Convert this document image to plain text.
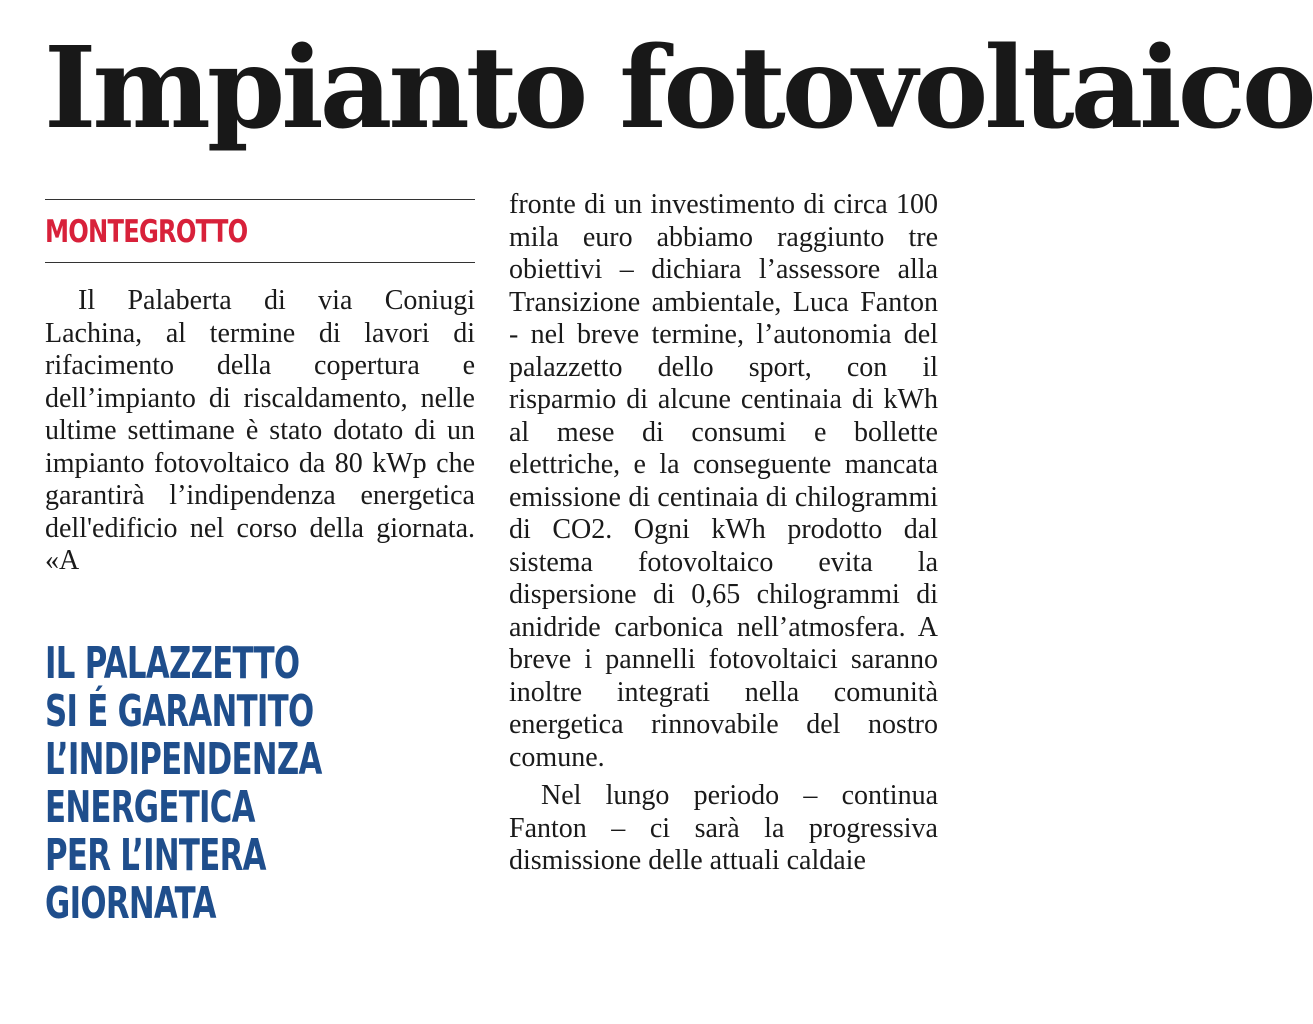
Impianto fotovoltaico
MONTEGROTTO

Il Palaberta di via Coniugi Lachina, al termine di lavori di rifacimento della copertura e dell’impianto di riscaldamento, nelle ultime settimane è stato dotato di un impianto fotovoltaico da 80 kWp che garantirà l’indipendenza energetica dell'edificio nel corso della giornata. «A

IL PALAZZETTO
SI É GARANTITO
L’INDIPENDENZA
ENERGETICA
PER L’INTERA
GIORNATA

fronte di un investimento di circa 100 mila euro abbiamo raggiunto tre obiettivi – dichiara l’assessore alla Transizione ambientale, Luca Fanton - nel breve termine, l’autonomia del palazzetto dello sport, con il risparmio di alcune centinaia di kWh al mese di consumi e bollette elettriche, e la conseguente mancata emissione di centinaia di chilogrammi di CO2. Ogni kWh prodotto dal sistema fotovoltaico evita la dispersione di 0,65 chilogrammi di anidride carbonica nell’atmosfera. A breve i pannelli fotovoltaici saranno inoltre integrati nella comunità energetica rinnovabile del nostro comune.

Nel lungo periodo – continua Fanton – ci sarà la progressiva dismissione delle attuali caldaie
